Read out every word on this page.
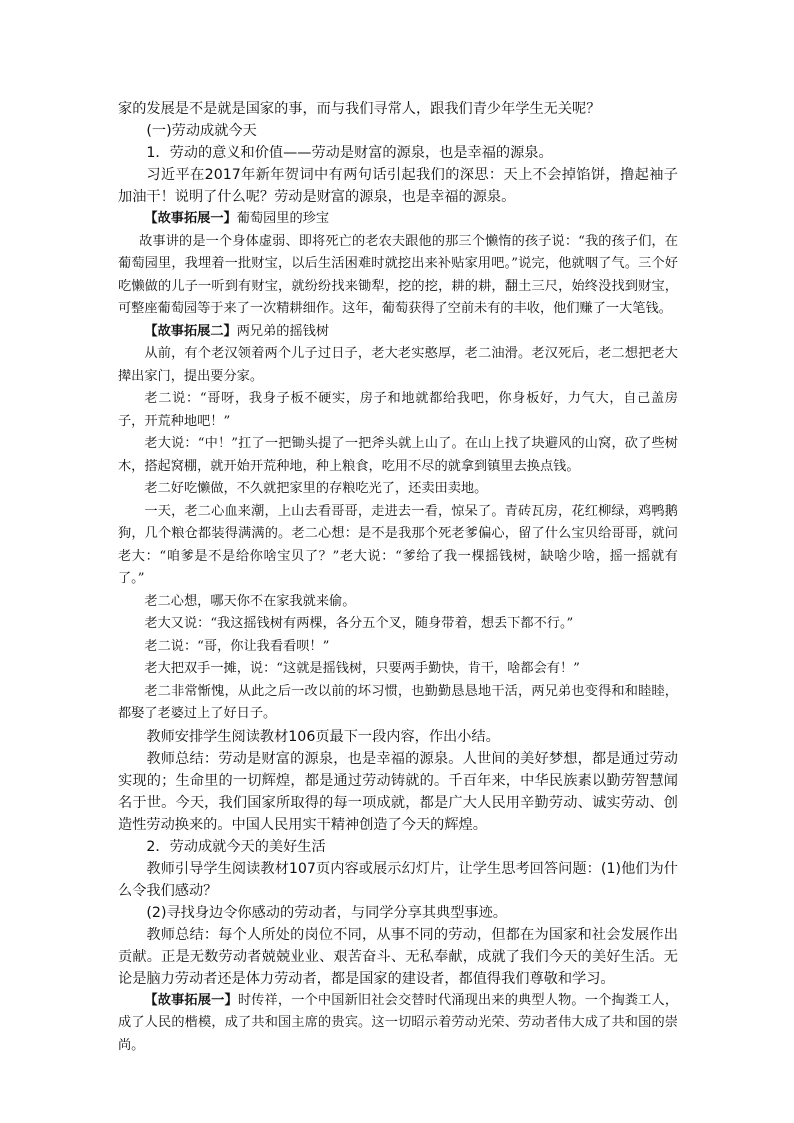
家的发展是不是就是国家的事，而与我们寻常人，跟我们青少年学生无关呢？

(一)劳动成就今天

1．劳动的意义和价值——劳动是财富的源泉，也是幸福的源泉。

习近平在2017年新年贺词中有两句话引起我们的深思：天上不会掉馅饼，撸起袖子加油干！说明了什么呢？劳动是财富的源泉，也是幸福的源泉。

【故事拓展一】葡萄园里的珍宝

故事讲的是一个身体虚弱、即将死亡的老农夫跟他的那三个懒惰的孩子说：“我的孩子们，在葡萄园里，我埋着一批财宝，以后生活困难时就挖出来补贴家用吧。”说完，他就咽了气。三个好吃懒做的儿子一听到有财宝，就纷纷找来锄犁，挖的挖，耕的耕，翻土三尺，始终没找到财宝，可整座葡萄园等于来了一次精耕细作。这年，葡萄获得了空前未有的丰收，他们赚了一大笔钱。

【故事拓展二】两兄弟的摇钱树

从前，有个老汉领着两个儿子过日子，老大老实憨厚，老二油滑。老汉死后，老二想把老大撵出家门，提出要分家。

老二说：“哥呀，我身子板不硬实，房子和地就都给我吧，你身板好，力气大，自己盖房子，开荒种地吧！”

老大说：“中！”扛了一把锄头提了一把斧头就上山了。在山上找了块避风的山窝，砍了些树木，搭起窝棚，就开始开荒种地，种上粮食，吃用不尽的就拿到镇里去换点钱。

老二好吃懒做，不久就把家里的存粮吃光了，还卖田卖地。

一天，老二心血来潮，上山去看哥哥，走进去一看，惊呆了。青砖瓦房，花红柳绿，鸡鸭鹅狗，几个粮仓都装得满满的。老二心想：是不是我那个死老爹偏心，留了什么宝贝给哥哥，就问老大：“咱爹是不是给你啥宝贝了？”老大说：“爹给了我一棵摇钱树，缺啥少啥，摇一摇就有了。”

老二心想，哪天你不在家我就来偷。

老大又说：“我这摇钱树有两棵，各分五个叉，随身带着，想丢下都不行。”

老二说：“哥，你让我看看呗！”

老大把双手一摊，说：“这就是摇钱树，只要两手勤快，肯干，啥都会有！”

老二非常惭愧，从此之后一改以前的坏习惯，也勤勤恳恳地干活，两兄弟也变得和和睦睦，都娶了老婆过上了好日子。

教师安排学生阅读教材106页最下一段内容，作出小结。

教师总结：劳动是财富的源泉，也是幸福的源泉。人世间的美好梦想，都是通过劳动实现的；生命里的一切辉煌，都是通过劳动铸就的。千百年来，中华民族素以勤劳智慧闻名于世。今天，我们国家所取得的每一项成就，都是广大人民用辛勤劳动、诚实劳动、创造性劳动换来的。中国人民用实干精神创造了今天的辉煌。

2．劳动成就今天的美好生活

教师引导学生阅读教材107页内容或展示幻灯片，让学生思考回答问题：(1)他们为什么令我们感动？

(2)寻找身边令你感动的劳动者，与同学分享其典型事迹。

教师总结：每个人所处的岗位不同，从事不同的劳动，但都在为国家和社会发展作出贡献。正是无数劳动者兢兢业业、艰苦奋斗、无私奉献，成就了我们今天的美好生活。无论是脑力劳动者还是体力劳动者，都是国家的建设者，都值得我们尊敬和学习。

【故事拓展一】时传祥，一个中国新旧社会交替时代涌现出来的典型人物。一个掏粪工人，成了人民的楷模，成了共和国主席的贵宾。这一切昭示着劳动光荣、劳动者伟大成了共和国的崇尚。
